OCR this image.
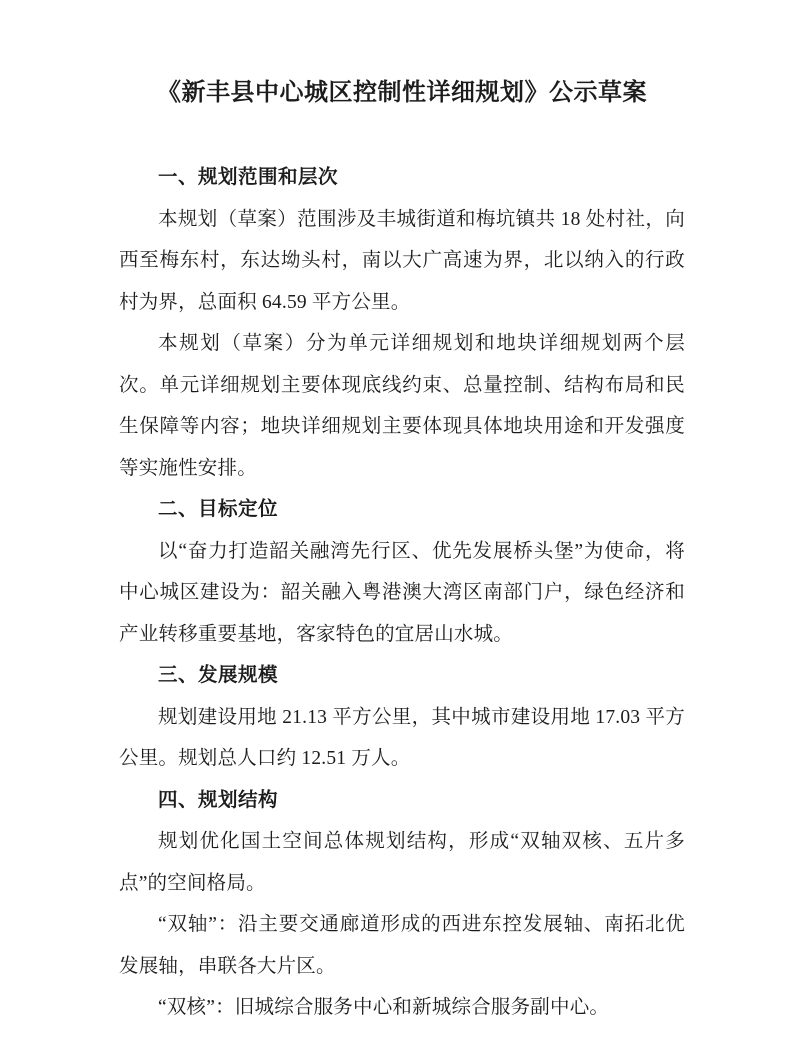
《新丰县中心城区控制性详细规划》公示草案
一、规划范围和层次

本规划（草案）范围涉及丰城街道和梅坑镇共 18 处村社，向西至梅东村，东达坳头村，南以大广高速为界，北以纳入的行政村为界，总面积 64.59 平方公里。

本规划（草案）分为单元详细规划和地块详细规划两个层次。单元详细规划主要体现底线约束、总量控制、结构布局和民生保障等内容；地块详细规划主要体现具体地块用途和开发强度等实施性安排。

二、目标定位

以“奋力打造韶关融湾先行区、优先发展桥头堡”为使命，将中心城区建设为：韶关融入粤港澳大湾区南部门户，绿色经济和产业转移重要基地，客家特色的宜居山水城。

三、发展规模

规划建设用地 21.13 平方公里，其中城市建设用地 17.03 平方公里。规划总人口约 12.51 万人。

四、规划结构

规划优化国土空间总体规划结构，形成“双轴双核、五片多点”的空间格局。

“双轴”：沿主要交通廊道形成的西进东控发展轴、南拓北优发展轴，串联各大片区。

“双核”：旧城综合服务中心和新城综合服务副中心。
